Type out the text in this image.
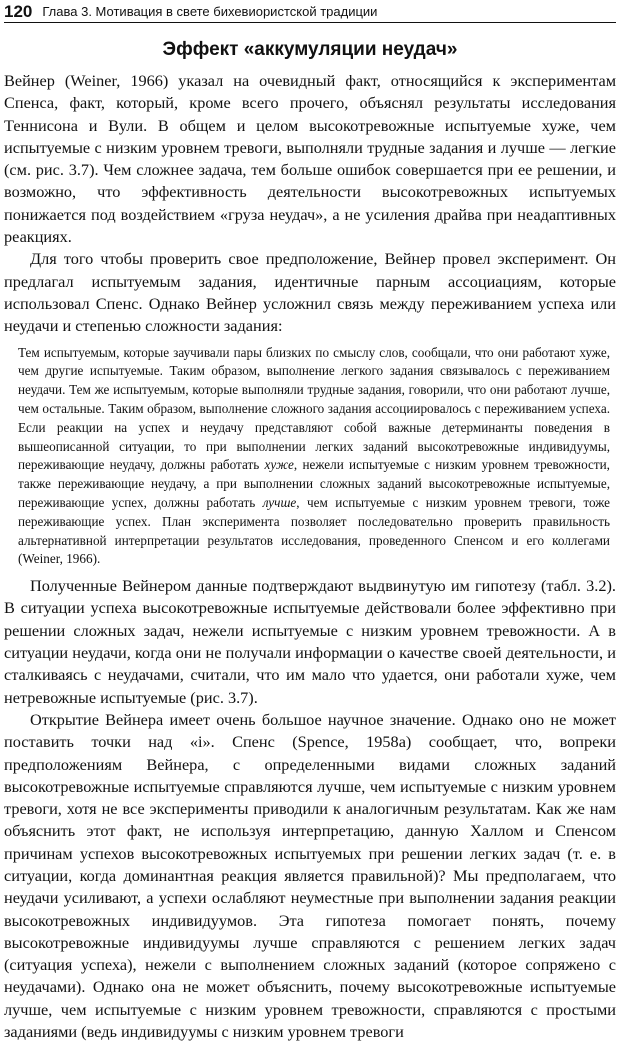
120 Глава 3. Мотивация в свете бихевиористской традиции
Эффект «аккумуляции неудач»

Вейнер (Weiner, 1966) указал на очевидный факт, относящийся к экспериментам Спенса, факт, который, кроме всего прочего, объяснял результаты исследования Теннисона и Вули. В общем и целом высокотревожные испытуемые хуже, чем испытуемые с низким уровнем тревоги, выполняли трудные задания и лучше — легкие (см. рис. 3.7). Чем сложнее задача, тем больше ошибок совершается при ее решении, и возможно, что эффективность деятельности высокотревожных испытуемых понижается под воздействием «груза неудач», а не усиления драйва при неадаптивных реакциях.

Для того чтобы проверить свое предположение, Вейнер провел эксперимент. Он предлагал испытуемым задания, идентичные парным ассоциациям, которые использовал Спенс. Однако Вейнер усложнил связь между переживанием успеха или неудачи и степенью сложности задания:

Тем испытуемым, которые заучивали пары близких по смыслу слов, сообщали, что они работают хуже, чем другие испытуемые. Таким образом, выполнение легкого задания связывалось с переживанием неудачи. Тем же испытуемым, которые выполняли трудные задания, говорили, что они работают лучше, чем остальные. Таким образом, выполнение сложного задания ассоциировалось с переживанием успеха. Если реакции на успех и неудачу представляют собой важные детерминанты поведения в вышеописанной ситуации, то при выполнении легких заданий высокотревожные индивидуумы, переживающие неудачу, должны работать хуже, нежели испытуемые с низким уровнем тревожности, также переживающие неудачу, а при выполнении сложных заданий высокотревожные испытуемые, переживающие успех, должны работать лучше, чем испытуемые с низким уровнем тревоги, тоже переживающие успех. План эксперимента позволяет последовательно проверить правильность альтернативной интерпретации результатов исследования, проведенного Спенсом и его коллегами (Weiner, 1966).

Полученные Вейнером данные подтверждают выдвинутую им гипотезу (табл. 3.2). В ситуации успеха высокотревожные испытуемые действовали более эффективно при решении сложных задач, нежели испытуемые с низким уровнем тревожности. А в ситуации неудачи, когда они не получали информации о качестве своей деятельности, и сталкиваясь с неудачами, считали, что им мало что удается, они работали хуже, чем нетревожные испытуемые (рис. 3.7).

Открытие Вейнера имеет очень большое научное значение. Однако оно не может поставить точки над «i». Спенс (Spence, 1958a) сообщает, что, вопреки предположениям Вейнера, с определенными видами сложных заданий высокотревожные испытуемые справляются лучше, чем испытуемые с низким уровнем тревоги, хотя не все эксперименты приводили к аналогичным результатам. Как же нам объяснить этот факт, не используя интерпретацию, данную Халлом и Спенсом причинам успехов высокотревожных испытуемых при решении легких задач (т. е. в ситуации, когда доминантная реакция является правильной)? Мы предполагаем, что неудачи усиливают, а успехи ослабляют неуместные при выполнении задания реакции высокотревожных индивидуумов. Эта гипотеза помогает понять, почему высокотревожные индивидуумы лучше справляются с решением легких задач (ситуация успеха), нежели с выполнением сложных заданий (которое сопряжено с неудачами). Однако она не может объяснить, почему высокотревожные испытуемые лучше, чем испытуемые с низким уровнем тревожности, справляются с простыми заданиями (ведь индивидуумы с низким уровнем тревоги
